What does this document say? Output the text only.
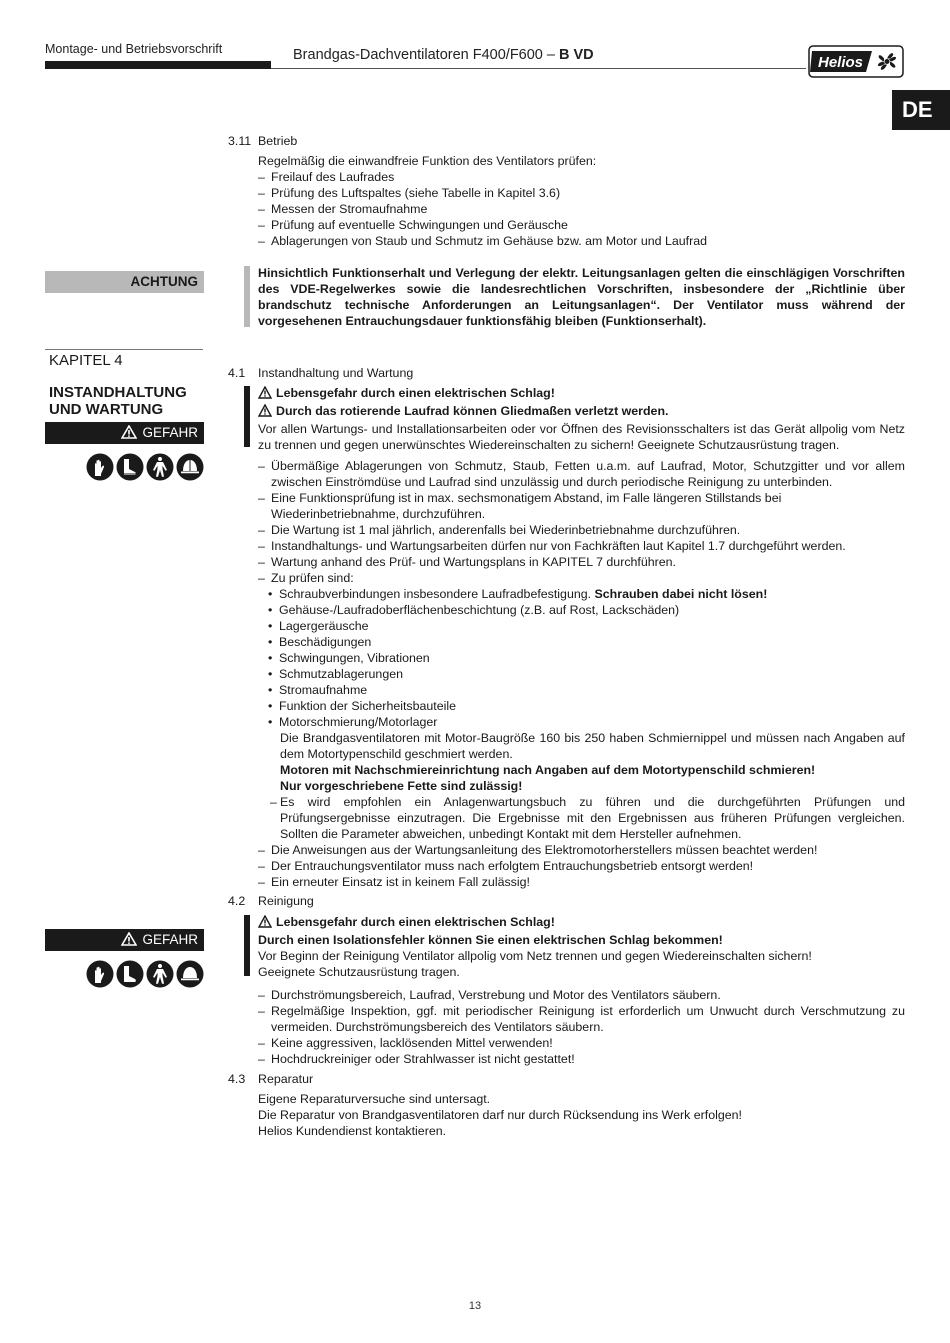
Montage- und Betriebsvorschrift	Brandgas-Dachventilatoren F400/F600 – B VD	Helios
DE
3.11 Betrieb
Regelmäßig die einwandfreie Funktion des Ventilators prüfen:
– Freilauf des Laufrades
– Prüfung des Luftspaltes (siehe Tabelle in Kapitel 3.6)
– Messen der Stromaufnahme
– Prüfung auf eventuelle Schwingungen und Geräusche
– Ablagerungen von Staub und Schmutz im Gehäuse bzw. am Motor und Laufrad
ACHTUNG
Hinsichtlich Funktionserhalt und Verlegung der elektr. Leitungsanlagen gelten die einschlägigen Vorschriften des VDE-Regelwerkes sowie die landesrechtlichen Vorschriften, insbesondere der „Richtlinie über brandschutz technische Anforderungen an Leitungsanlagen“. Der Ventilator muss während der vorgesehenen Entrauchungsdauer funktionsfähig bleiben (Funktionserhalt).
KAPITEL 4
INSTANDHALTUNG UND WARTUNG
GEFAHR
4.1 Instandhaltung und Wartung
Lebensgefahr durch einen elektrischen Schlag!
Durch das rotierende Laufrad können Gliedmaßen verletzt werden.
Vor allen Wartungs- und Installationsarbeiten oder vor Öffnen des Revisionsschalters ist das Gerät allpolig vom Netz zu trennen und gegen unerwünschtes Wiedereinschalten zu sichern! Geeignete Schutzausrüstung tragen.
– Übermäßige Ablagerungen von Schmutz, Staub, Fetten u.a.m. auf Laufrad, Motor, Schutzgitter und vor allem zwischen Einströmdüse und Laufrad sind unzulässig und durch periodische Reinigung zu unterbinden.
– Eine Funktionsprüfung ist in max. sechsmonatigem Abstand, im Falle längeren Stillstands bei Wiederinbetriebnahme, durchzuführen.
– Die Wartung ist 1 mal jährlich, anderenfalls bei Wiederinbetriebnahme durchzuführen.
– Instandhaltungs- und Wartungsarbeiten dürfen nur von Fachkräften laut Kapitel 1.7 durchgeführt werden.
– Wartung anhand des Prüf- und Wartungsplans in KAPITEL 7 durchführen.
– Zu prüfen sind:
• Schraubverbindungen insbesondere Laufradbefestigung. Schrauben dabei nicht lösen!
• Gehäuse-/Laufradoberflächenbeschichtung (z.B. auf Rost, Lackschäden)
• Lagergeräusche
• Beschädigungen
• Schwingungen, Vibrationen
• Schmutzablagerungen
• Stromaufnahme
• Funktion der Sicherheitsbauteile
• Motorschmierung/Motorlager
Die Brandgasventilatoren mit Motor-Baugröße 160 bis 250 haben Schmiernippel und müssen nach Angaben auf dem Motortypenschild geschmiert werden.
Motoren mit Nachschmiereinrichtung nach Angaben auf dem Motortypenschild schmieren!
Nur vorgeschriebene Fette sind zulässig!
– Es wird empfohlen ein Anlagenwartungsbuch zu führen und die durchgeführten Prüfungen und Prüfungsergebnisse einzutragen. Die Ergebnisse mit den Ergebnissen aus früheren Prüfungen vergleichen. Sollten die Parameter abweichen, unbedingt Kontakt mit dem Hersteller aufnehmen.
– Die Anweisungen aus der Wartungsanleitung des Elektromotorherstellers müssen beachtet werden!
– Der Entrauchungsventilator muss nach erfolgtem Entrauchungsbetrieb entsorgt werden!
– Ein erneuter Einsatz ist in keinem Fall zulässig!
4.2 Reinigung
GEFAHR
Lebensgefahr durch einen elektrischen Schlag!
Durch einen Isolationsfehler können Sie einen elektrischen Schlag bekommen!
Vor Beginn der Reinigung Ventilator allpolig vom Netz trennen und gegen Wiedereinschalten sichern!
Geeignete Schutzausrüstung tragen.
– Durchströmungsbereich, Laufrad, Verstrebung und Motor des Ventilators säubern.
– Regelmäßige Inspektion, ggf. mit periodischer Reinigung ist erforderlich um Unwucht durch Verschmutzung zu vermeiden. Durchströmungsbereich des Ventilators säubern.
– Keine aggressiven, lacklösenden Mittel verwenden!
– Hochdruckreiniger oder Strahlwasser ist nicht gestattet!
4.3 Reparatur
Eigene Reparaturversuche sind untersagt.
Die Reparatur von Brandgasventilatoren darf nur durch Rücksendung ins Werk erfolgen!
Helios Kundendienst kontaktieren.
13
